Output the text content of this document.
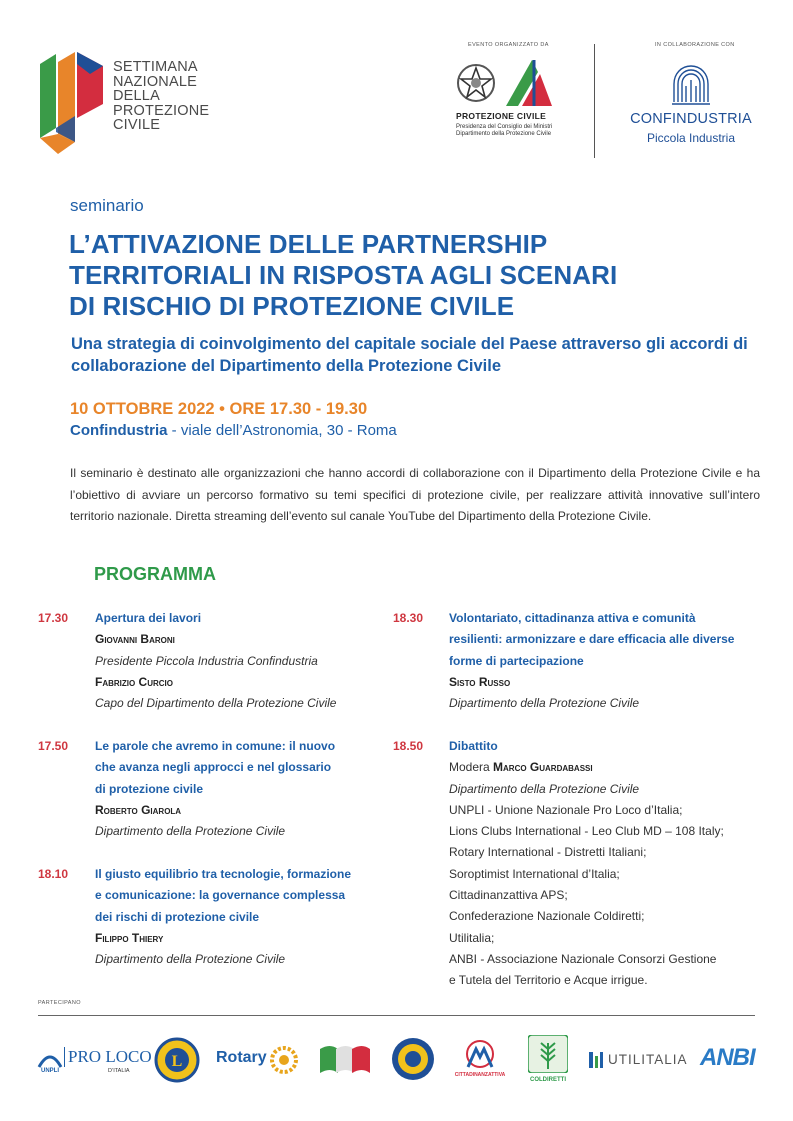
SETTIMANA
NAZIONALE
DELLA
PROTEZIONE
CIVILE
EVENTO ORGANIZZATO DA
PROTEZIONE CIVILE
Presidenza del Consiglio dei Ministri
Dipartimento della Protezione Civile
IN COLLABORAZIONE CON
CONFINDUSTRIA
Piccola Industria
seminario
L’ATTIVAZIONE DELLE PARTNERSHIP
TERRITORIALI IN RISPOSTA AGLI SCENARI
DI RISCHIO DI PROTEZIONE CIVILE
Una strategia di coinvolgimento del capitale sociale del Paese attraverso gli accordi di collaborazione del Dipartimento della Protezione Civile
10 OTTOBRE 2022 • ORE 17.30 - 19.30
Confindustria - viale dell’Astronomia, 30 - Roma
Il seminario è destinato alle organizzazioni che hanno accordi di collaborazione con il Dipartimento della Protezione Civile e ha l’obiettivo di avviare un percorso formativo su temi specifici di protezione civile, per realizzare attività innovative sull’intero territorio nazionale. Diretta streaming dell’evento sul canale YouTube del Dipartimento della Protezione Civile.
PROGRAMMA
17.30 Apertura dei lavori
Giovanni Baroni
Presidente Piccola Industria Confindustria
Fabrizio Curcio
Capo del Dipartimento della Protezione Civile
17.50 Le parole che avremo in comune: il nuovo
che avanza negli approcci e nel glossario
di protezione civile
Roberto Giarola
Dipartimento della Protezione Civile
18.10 Il giusto equilibrio tra tecnologie, formazione
e comunicazione: la governance complessa
dei rischi di protezione civile
Filippo Thiery
Dipartimento della Protezione Civile
18.30 Volontariato, cittadinanza attiva e comunità
resilienti: armonizzare e dare efficacia alle diverse
forme di partecipazione
Sisto Russo
Dipartimento della Protezione Civile
18.50 Dibattito
Modera Marco Guardabassi
Dipartimento della Protezione Civile
UNPLI - Unione Nazionale Pro Loco d’Italia;
Lions Clubs International - Leo Club MD – 108 Italy;
Rotary International - Distretti Italiani;
Soroptimist International d’Italia;
Cittadinanzattiva APS;
Confederazione Nazionale Coldiretti;
Utilitalia;
ANBI - Associazione Nazionale Consorzi Gestione
e Tutela del Territorio e Acque irrigue.
PARTECIPANO
UNPLI
PRO LOCO
D’ITALIA
L Rotary
CITTADINANZATTIVA
COLDIRETTI
UTILITALIA ANBI
